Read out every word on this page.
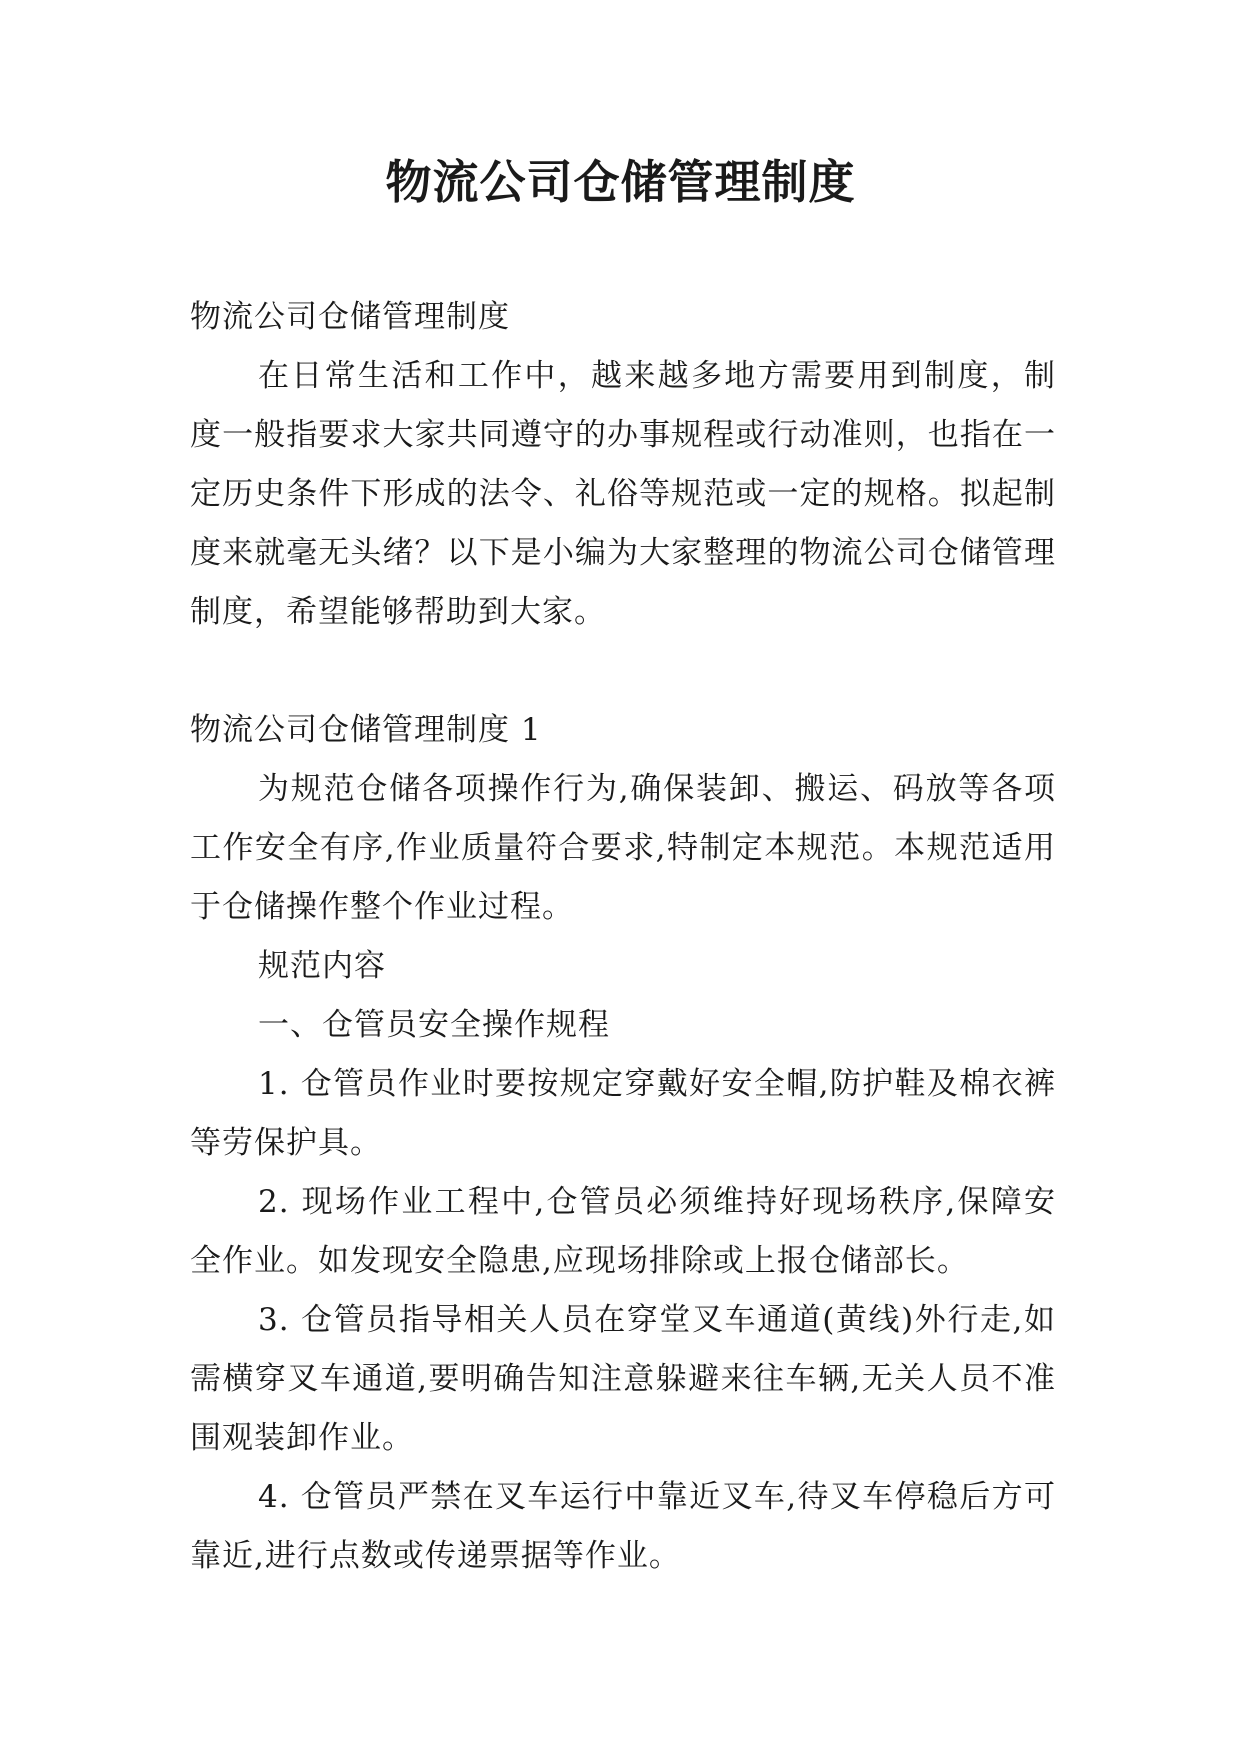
物流公司仓储管理制度

物流公司仓储管理制度

在日常生活和工作中，越来越多地方需要用到制度，制度一般指要求大家共同遵守的办事规程或行动准则，也指在一定历史条件下形成的法令、礼俗等规范或一定的规格。拟起制度来就毫无头绪？以下是小编为大家整理的物流公司仓储管理制度，希望能够帮助到大家。

物流公司仓储管理制度 1

为规范仓储各项操作行为,确保装卸、搬运、码放等各项工作安全有序,作业质量符合要求,特制定本规范。本规范适用于仓储操作整个作业过程。

规范内容

一、仓管员安全操作规程

1. 仓管员作业时要按规定穿戴好安全帽,防护鞋及棉衣裤等劳保护具。

2. 现场作业工程中,仓管员必须维持好现场秩序,保障安全作业。如发现安全隐患,应现场排除或上报仓储部长。

3. 仓管员指导相关人员在穿堂叉车通道(黄线)外行走,如需横穿叉车通道,要明确告知注意躲避来往车辆,无关人员不准围观装卸作业。

4. 仓管员严禁在叉车运行中靠近叉车,待叉车停稳后方可靠近,进行点数或传递票据等作业。
